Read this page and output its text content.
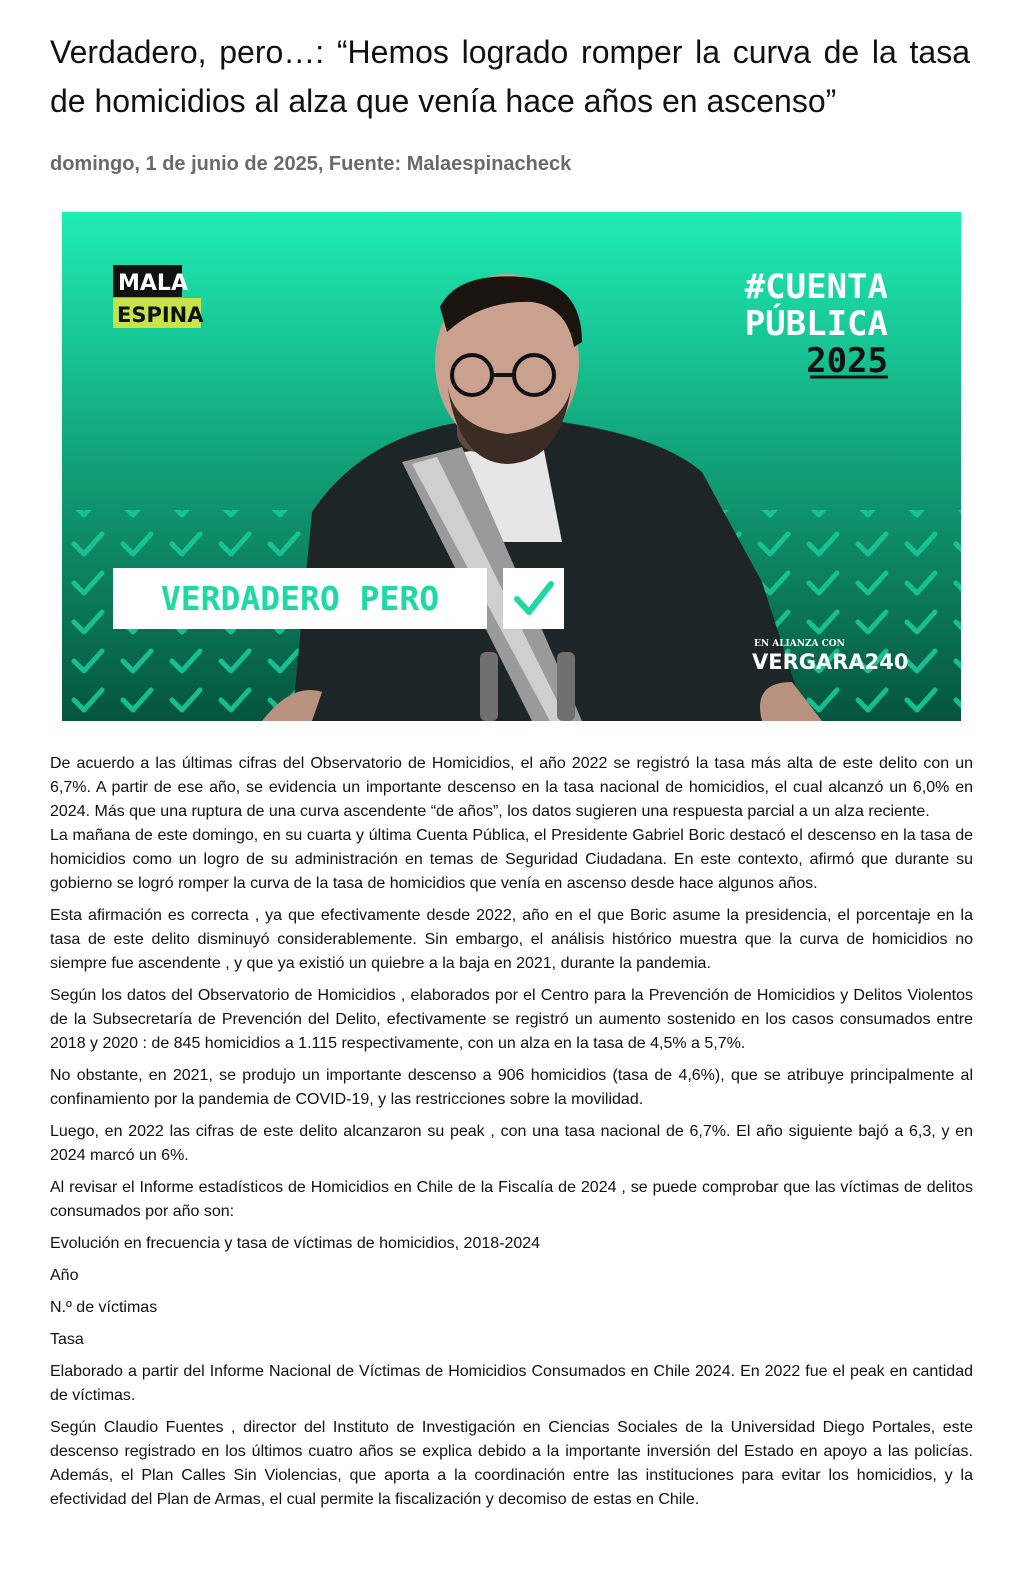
Verdadero, pero…: “Hemos logrado romper la curva de la tasa de homicidios al alza que venía hace años en ascenso”
domingo, 1 de junio de 2025, Fuente: Malaespinacheck
MALA
ESPINA
#CUENTA
PÚBLICA
2025
VERDADERO PERO
EN ALIANZA CON
VERGARA240

De acuerdo a las últimas cifras del Observatorio de Homicidios, el año 2022 se registró la tasa más alta de este delito con un 6,7%. A partir de ese año, se evidencia un importante descenso en la tasa nacional de homicidios, el cual alcanzó un 6,0% en 2024. Más que una ruptura de una curva ascendente “de años”, los datos sugieren una respuesta parcial a un alza reciente.

La mañana de este domingo, en su cuarta y última Cuenta Pública, el Presidente Gabriel Boric destacó el descenso en la tasa de homicidios como un logro de su administración en temas de Seguridad Ciudadana. En este contexto, afirmó que durante su gobierno se logró romper la curva de la tasa de homicidios que venía en ascenso desde hace algunos años.

Esta afirmación es correcta , ya que efectivamente desde 2022, año en el que Boric asume la presidencia, el porcentaje en la tasa de este delito disminuyó considerablemente. Sin embargo, el análisis histórico muestra que la curva de homicidios no siempre fue ascendente , y que ya existió un quiebre a la baja en 2021, durante la pandemia.

Según los datos del Observatorio de Homicidios , elaborados por el Centro para la Prevención de Homicidios y Delitos Violentos de la Subsecretaría de Prevención del Delito, efectivamente se registró un aumento sostenido en los casos consumados entre 2018 y 2020 : de 845 homicidios a 1.115 respectivamente, con un alza en la tasa de 4,5% a 5,7%.

No obstante, en 2021, se produjo un importante descenso a 906 homicidios (tasa de 4,6%), que se atribuye principalmente al confinamiento por la pandemia de COVID-19, y las restricciones sobre la movilidad.

Luego, en 2022 las cifras de este delito alcanzaron su peak , con una tasa nacional de 6,7%. El año siguiente bajó a 6,3, y en 2024 marcó un 6%.

Al revisar el Informe estadísticos de Homicidios en Chile de la Fiscalía de 2024 , se puede comprobar que las víctimas de delitos consumados por año son:

Evolución en frecuencia y tasa de víctimas de homicidios, 2018-2024

Año

N.º de víctimas

Tasa

Elaborado a partir del Informe Nacional de Víctimas de Homicidios Consumados en Chile 2024. En 2022 fue el peak en cantidad de víctimas.

Según Claudio Fuentes , director del Instituto de Investigación en Ciencias Sociales de la Universidad Diego Portales, este descenso registrado en los últimos cuatro años se explica debido a la importante inversión del Estado en apoyo a las policías. Además, el Plan Calles Sin Violencias, que aporta a la coordinación entre las instituciones para evitar los homicidios, y la efectividad del Plan de Armas, el cual permite la fiscalización y decomiso de estas en Chile.
